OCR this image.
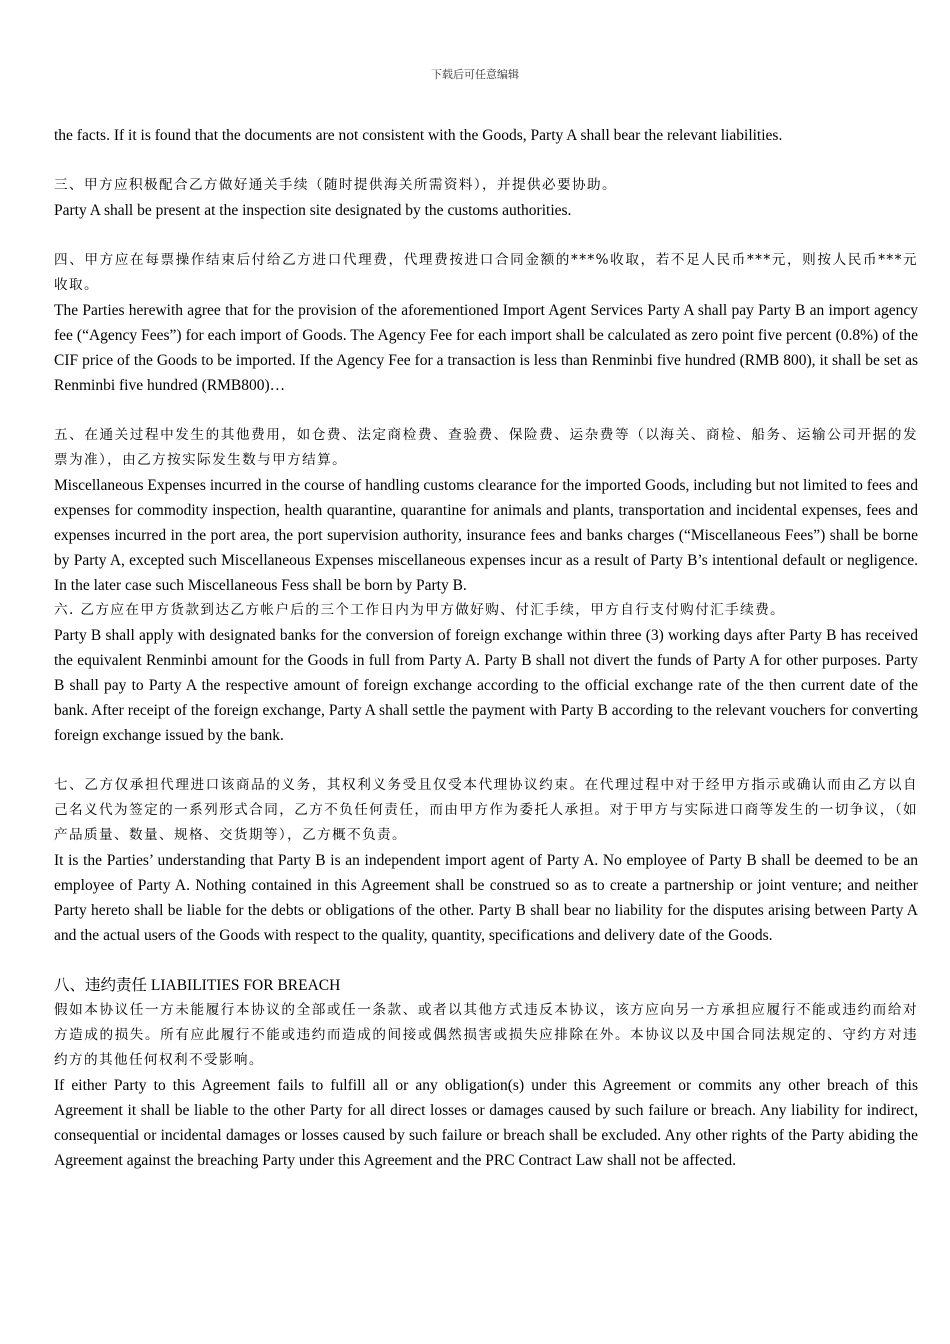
下载后可任意编辑

the facts. If it is found that the documents are not consistent with the Goods, Party A shall bear the relevant liabilities.

三、甲方应积极配合乙方做好通关手续（随时提供海关所需资料），并提供必要协助。

Party A shall be present at the inspection site designated by the customs authorities.

四、甲方应在每票操作结束后付给乙方进口代理费，代理费按进口合同金额的***%收取，若不足人民币***元，则按人民币***元收取。

The Parties herewith agree that for the provision of the aforementioned Import Agent Services Party A shall pay Party B an import agency fee (“Agency Fees”) for each import of Goods. The Agency Fee for each import shall be calculated as zero point five percent (0.8%) of the CIF price of the Goods to be imported. If the Agency Fee for a transaction is less than Renminbi five hundred (RMB 800), it shall be set as Renminbi five hundred (RMB800)…

五、在通关过程中发生的其他费用，如仓费、法定商检费、查验费、保险费、运杂费等（以海关、商检、船务、运输公司开据的发票为准），由乙方按实际发生数与甲方结算。

Miscellaneous Expenses incurred in the course of handling customs clearance for the imported Goods, including but not limited to fees and expenses for commodity inspection, health quarantine, quarantine for animals and plants, transportation and incidental expenses, fees and expenses incurred in the port area, the port supervision authority, insurance fees and banks charges (“Miscellaneous Fees”) shall be borne by Party A, excepted such Miscellaneous Expenses miscellaneous expenses incur as a result of Party B’s intentional default or negligence. In the later case such Miscellaneous Fess shall be born by Party B.

六. 乙方应在甲方货款到达乙方帐户后的三个工作日内为甲方做好购、付汇手续，甲方自行支付购付汇手续费。

Party B shall apply with designated banks for the conversion of foreign exchange within three (3) working days after Party B has received the equivalent Renminbi amount for the Goods in full from Party A. Party B shall not divert the funds of Party A for other purposes. Party B shall pay to Party A the respective amount of foreign exchange according to the official exchange rate of the then current date of the bank. After receipt of the foreign exchange, Party A shall settle the payment with Party B according to the relevant vouchers for converting foreign exchange issued by the bank.

七、乙方仅承担代理进口该商品的义务，其权利义务受且仅受本代理协议约束。在代理过程中对于经甲方指示或确认而由乙方以自己名义代为签定的一系列形式合同，乙方不负任何责任，而由甲方作为委托人承担。对于甲方与实际进口商等发生的一切争议，（如产品质量、数量、规格、交货期等），乙方概不负责。

It is the Parties’ understanding that Party B is an independent import agent of Party A. No employee of Party B shall be deemed to be an employee of Party A. Nothing contained in this Agreement shall be construed so as to create a partnership or joint venture; and neither Party hereto shall be liable for the debts or obligations of the other. Party B shall bear no liability for the disputes arising between Party A and the actual users of the Goods with respect to the quality, quantity, specifications and delivery date of the Goods.

八、违约责任 LIABILITIES FOR BREACH

假如本协议任一方未能履行本协议的全部或任一条款、或者以其他方式违反本协议，该方应向另一方承担应履行不能或违约而给对方造成的损失。所有应此履行不能或违约而造成的间接或偶然损害或损失应排除在外。本协议以及中国合同法规定的、守约方对违约方的其他任何权利不受影响。

If either Party to this Agreement fails to fulfill all or any obligation(s) under this Agreement or commits any other breach of this Agreement it shall be liable to the other Party for all direct losses or damages caused by such failure or breach. Any liability for indirect, consequential or incidental damages or losses caused by such failure or breach shall be excluded. Any other rights of the Party abiding the Agreement against the breaching Party under this Agreement and the PRC Contract Law shall not be affected.
